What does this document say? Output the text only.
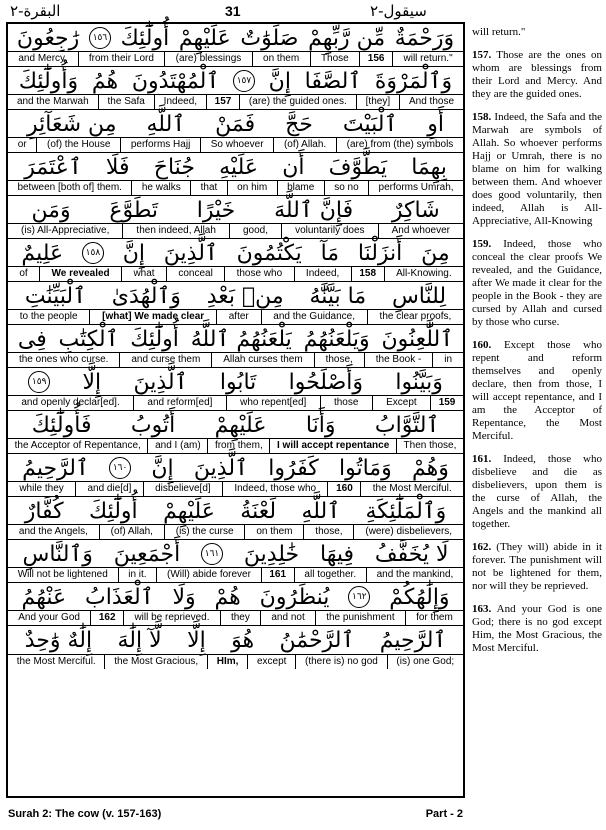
البقرة-٢	31	سيقول-٢
رَٰجِعُونَ	١٥٦ أُولَٰٓئِكَ عَلَيْهِمْ صَلَوَٰتٌ مِّن رَّبِّهِمْ وَرَحْمَةٌ
and Mercy.	from their Lord	(are) blessings	on them	Those	156	will return."
وَأُولَٰٓئِكَ هُمُ ٱلْمُهْتَدُونَ	١٥٧ إِنَّ ٱلصَّفَا وَٱلْمَرْوَةَ
and the Marwah	the Safa	Indeed,	157	(are) the guided ones.	[they]	And those
مِن شَعَآئِرِ ٱللَّهِ فَمَنْ حَجَّ ٱلْبَيْتَ أَوِ
or	(of) the House	performs Hajj	So whoever	(of) Allah.	(are) from (the) symbols
ٱعْتَمَرَ فَلَا جُنَاحَ عَلَيْهِ أَن يَطَّوَّفَ بِهِمَا
between [both of] them.	he walks	that	on him	blame	so no	performs Umrah,
وَمَن تَطَوَّعَ خَيْرًا فَإِنَّ ٱللَّهَ شَاكِرٌ
(is) All-Appreciative,	then indeed, Allah	good,	voluntarily does	And whoever
عَلِيمٌ	١٥٨ إِنَّ ٱلَّذِينَ يَكْتُمُونَ مَآ أَنزَلْنَا مِنَ
of	We revealed	what	conceal	those who	Indeed,	158	All-Knowing.
ٱلْبَيِّنَٰتِ وَٱلْهُدَىٰ مِنۢ بَعْدِ مَا بَيَّنَّٰهُ لِلنَّاسِ
to the people	[what] We made clear	after	and the Guidance,	the clear proofs,
فِى ٱلْكِتَٰبِ أُولَٰٓئِكَ يَلْعَنُهُمُ ٱللَّهُ وَيَلْعَنُهُمُ ٱللَّٰعِنُونَ
the ones who curse.	and curse them	Allah curses them	those,	the Book -	in
١٥٩ إِلَّا ٱلَّذِينَ تَابُوا وَأَصْلَحُوا وَبَيَّنُوا
and openly declar[ed].	and reform[ed]	who repent[ed]	those	Except	159
فَأُولَٰٓئِكَ أَتُوبُ عَلَيْهِمْ وَأَنَا ٱلتَّوَّابُ
the Acceptor of Repentance,	and I (am)	from them,	I will accept repentance	Then those,
ٱلرَّحِيمُ	١٦٠ إِنَّ ٱلَّذِينَ كَفَرُوا وَمَاتُوا وَهُمْ
while they	and die[d]	disbelieve[d]	Indeed, those who	160	the Most Merciful.
كُفَّارٌ أُولَٰٓئِكَ عَلَيْهِمْ لَعْنَةُ ٱللَّهِ وَٱلْمَلَٰٓئِكَةِ
and the Angels,	(of) Allah,	(is) the curse	on them	those,	(were) disbelievers,
وَٱلنَّاسِ أَجْمَعِينَ	١٦١ خَٰلِدِينَ فِيهَا لَا يُخَفَّفُ
Will not be lightened	in it.	(Will) abide forever	161	all together.	and the mankind,
عَنْهُمُ ٱلْعَذَابُ وَلَا هُمْ يُنظَرُونَ	١٦٢ وَإِلَٰهُكُمْ
And your God	162	will be reprieved.	they	and not	the punishment	for them
إِلَٰهٌ وَٰحِدٌ لَّآ إِلَٰهَ إِلَّا هُوَ ٱلرَّحْمَٰنُ ٱلرَّحِيمُ
the Most Merciful.	the Most Gracious,	HIm,	except	(there is) no god	(is) one God;

will return."

157. Those are the ones on whom are blessings from their Lord and Mercy. And they are the guided ones.

158. Indeed, the Safa and the Marwah are symbols of Allah. So whoever performs Hajj or Umrah, there is no blame on him for walking between them. And whoever does good voluntarily, then indeed, Allah is All-Appreciative, All-Knowing

159. Indeed, those who conceal the clear proofs We revealed, and the Guidance, after We made it clear for the people in the Book - they are cursed by Allah and cursed by those who curse.

160. Except those who repent and reform themselves and openly declare, then from those, I will accept repentance, and I am the Acceptor of Repentance, the Most Merciful.

161. Indeed, those who disbelieve and die as disbelievers, upon them is the curse of Allah, the Angels and the mankind all together.

162. (They will) abide in it forever. The punishment will not be lightened for them, nor will they be reprieved.

163. And your God is one God; there is no god except Him, the Most Gracious, the Most Merciful.

Surah 2: The cow (v. 157-163)	Part - 2
